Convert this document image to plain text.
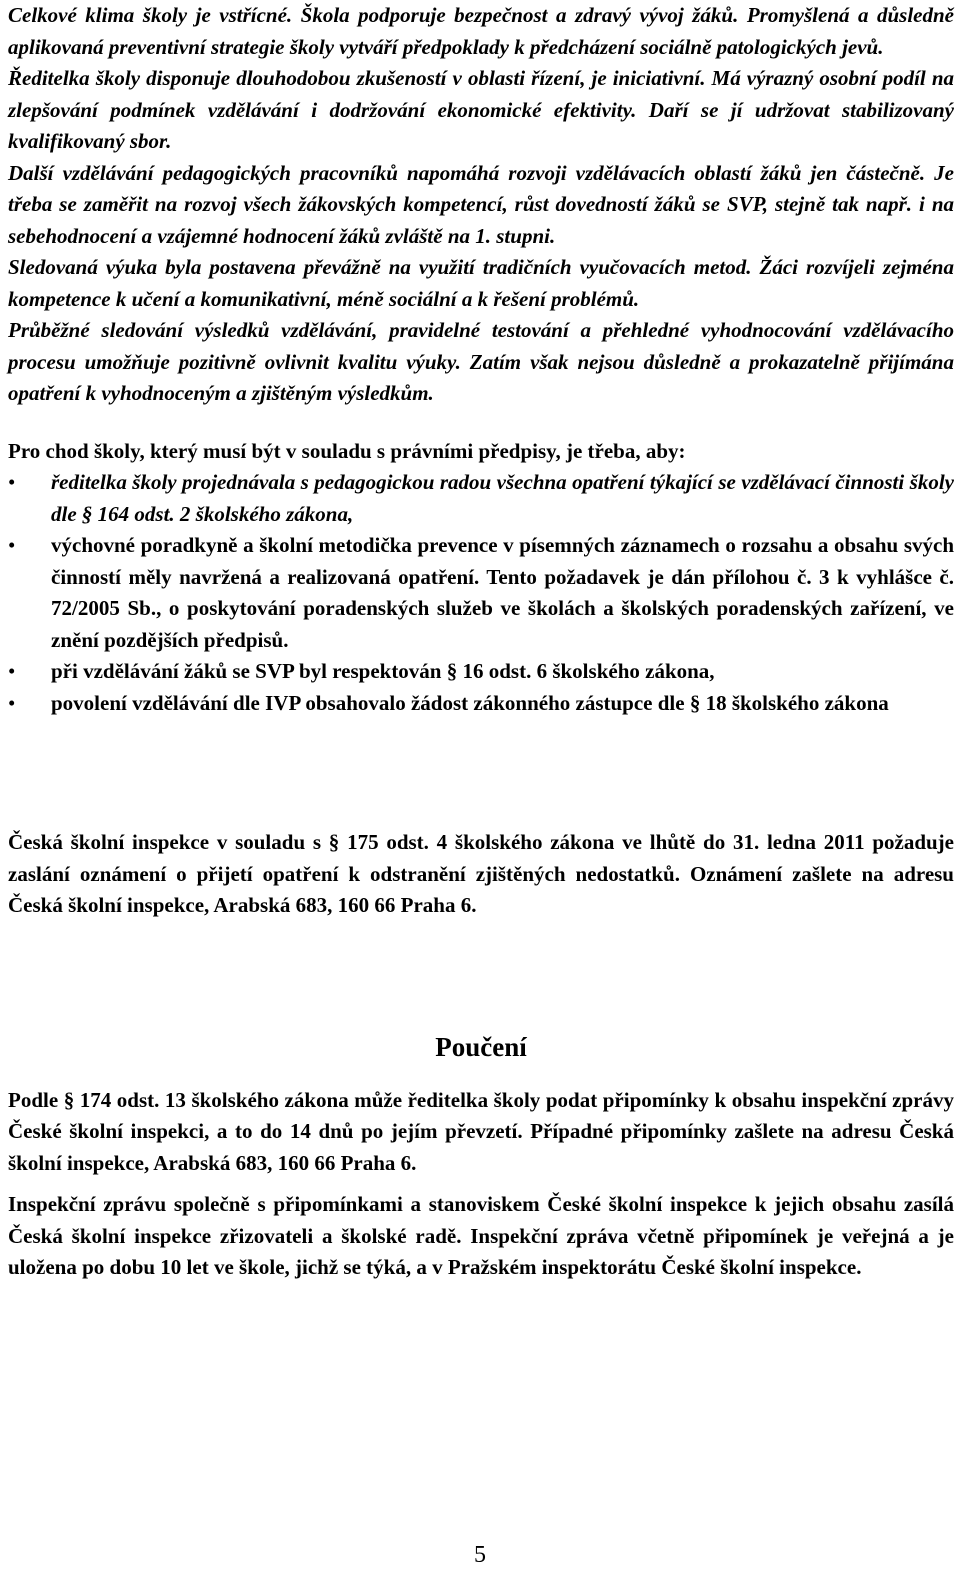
Celkové klima školy je vstřícné. Škola podporuje bezpečnost a zdravý vývoj žáků. Promyšlená a důsledně aplikovaná preventivní strategie školy vytváří předpoklady k předcházení sociálně patologických jevů.

Ředitelka školy disponuje dlouhodobou zkušeností v oblasti řízení, je iniciativní. Má výrazný osobní podíl na zlepšování podmínek vzdělávání i dodržování ekonomické efektivity. Daří se jí udržovat stabilizovaný kvalifikovaný sbor.

Další vzdělávání pedagogických pracovníků napomáhá rozvoji vzdělávacích oblastí žáků jen částečně. Je třeba se zaměřit na rozvoj všech žákovských kompetencí, růst dovedností žáků se SVP, stejně tak např. i na sebehodnocení a vzájemné hodnocení žáků zvláště na 1. stupni.

Sledovaná výuka byla postavena převážně na využití tradičních vyučovacích metod. Žáci rozvíjeli zejména kompetence k učení a komunikativní, méně sociální a k řešení problémů.

Průběžné sledování výsledků vzdělávání, pravidelné testování a přehledné vyhodnocování vzdělávacího procesu umožňuje pozitivně ovlivnit kvalitu výuky. Zatím však nejsou důsledně a prokazatelně přijímána opatření k vyhodnoceným a zjištěným výsledkům.

Pro chod školy, který musí být v souladu s právními předpisy, je třeba, aby:

•	ředitelka školy projednávala s pedagogickou radou všechna opatření týkající se vzdělávací činnosti školy dle § 164 odst. 2 školského zákona,
•	výchovné poradkyně a školní metodička prevence v písemných záznamech o rozsahu a obsahu svých činností měly navržená a realizovaná opatření. Tento požadavek je dán přílohou č. 3 k vyhlášce č. 72/2005 Sb., o poskytování poradenských služeb ve školách a školských poradenských zařízení, ve znění pozdějších předpisů.
•	při vzdělávání žáků se SVP byl respektován § 16 odst. 6 školského zákona,
•	povolení vzdělávání dle IVP obsahovalo žádost zákonného zástupce dle § 18 školského zákona

Česká školní inspekce v souladu s § 175 odst. 4 školského zákona ve lhůtě do 31. ledna 2011 požaduje zaslání oznámení o přijetí opatření k odstranění zjištěných nedostatků. Oznámení zašlete na adresu Česká školní inspekce, Arabská 683, 160 66 Praha 6.

Poučení

Podle § 174 odst. 13 školského zákona může ředitelka školy podat připomínky k obsahu inspekční zprávy České školní inspekci, a to do 14 dnů po jejím převzetí. Případné připomínky zašlete na adresu Česká školní inspekce, Arabská 683, 160 66 Praha 6.

Inspekční zprávu společně s připomínkami a stanoviskem České školní inspekce k jejich obsahu zasílá Česká školní inspekce zřizovateli a školské radě. Inspekční zpráva včetně připomínek je veřejná a je uložena po dobu 10 let ve škole, jichž se týká, a v Pražském inspektorátu České školní inspekce.

5
